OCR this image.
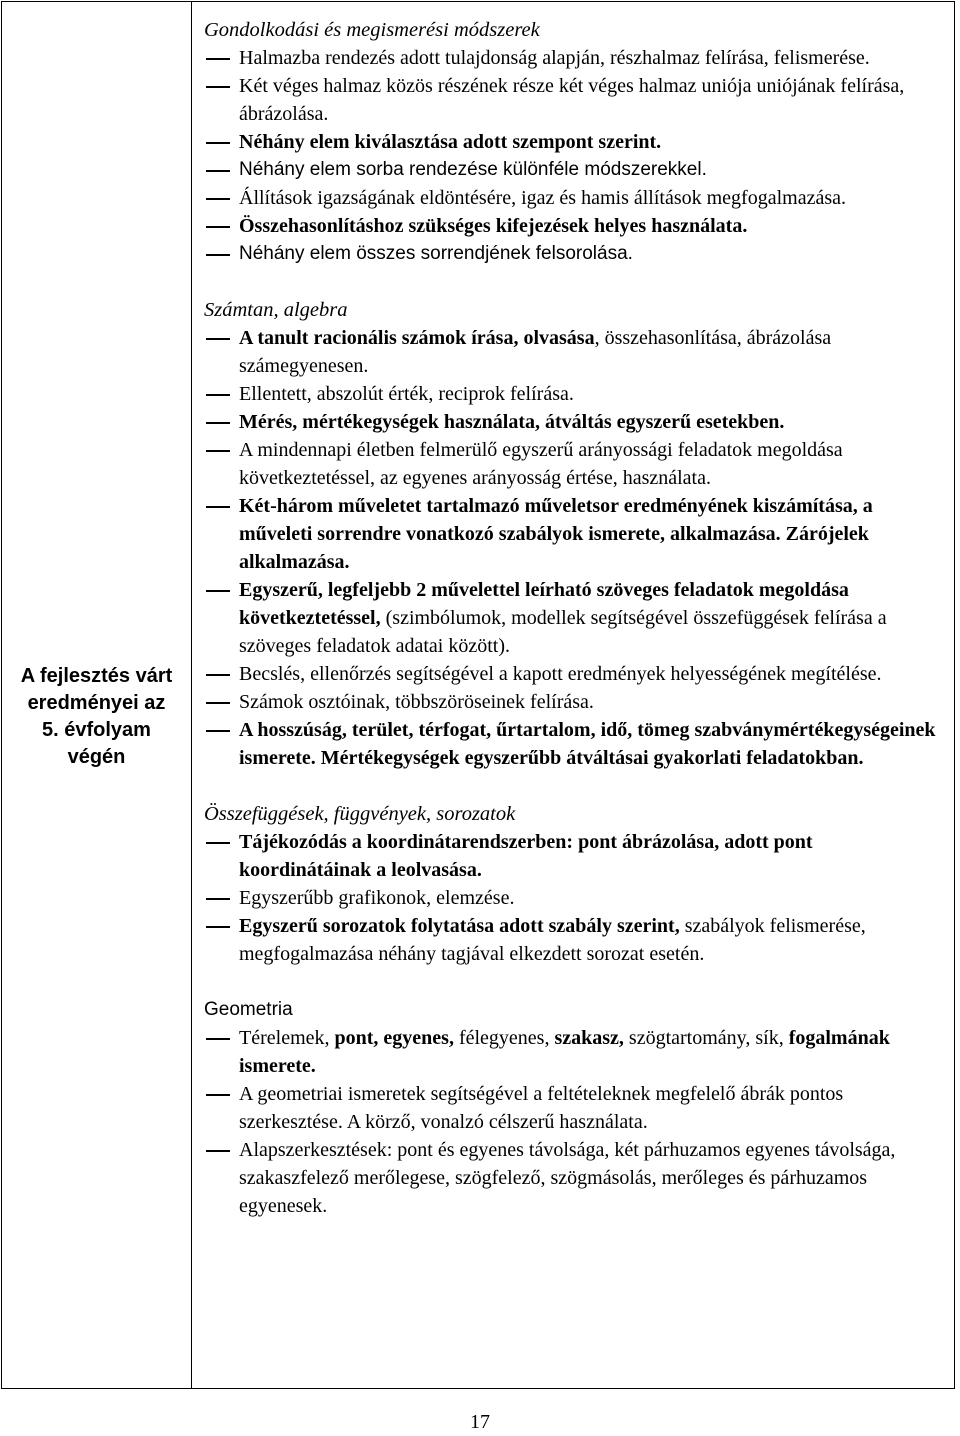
A fejlesztés várt
eredményei az
5. évfolyam
végén
Gondolkodási és megismerési módszerek
Halmazba rendezés adott tulajdonság alapján, részhalmaz felírása, felismerése.
Két véges halmaz közös részének része két véges halmaz uniója uniójának felírása, ábrázolása.
Néhány elem kiválasztása adott szempont szerint.
Néhány elem sorba rendezése különféle módszerekkel.
Állítások igazságának eldöntésére, igaz és hamis állítások megfogalmazása.
Összehasonlításhoz szükséges kifejezések helyes használata.
Néhány elem összes sorrendjének felsorolása.
Számtan, algebra
A tanult racionális számok írása, olvasása, összehasonlítása, ábrázolása számegyenesen.
Ellentett, abszolút érték, reciprok felírása.
Mérés, mértékegységek használata, átváltás egyszerű esetekben.
A mindennapi életben felmerülő egyszerű arányossági feladatok megoldása következtetéssel, az egyenes arányosság értése, használata.
Két-három műveletet tartalmazó műveletsor eredményének kiszámítása, a műveleti sorrendre vonatkozó szabályok ismerete, alkalmazása. Zárójelek alkalmazása.
Egyszerű, legfeljebb 2 művelettel leírható szöveges feladatok megoldása következtetéssel, (szimbólumok, modellek segítségével összefüggések felírása a szöveges feladatok adatai között).
Becslés, ellenőrzés segítségével a kapott eredmények helyességének megítélése.
Számok osztóinak, többszöröseinek felírása.
A hosszúság, terület, térfogat, űrtartalom, idő, tömeg szabványmértékegységeinek ismerete. Mértékegységek egyszerűbb átváltásai gyakorlati feladatokban.
Összefüggések, függvények, sorozatok
Tájékozódás a koordinátarendszerben: pont ábrázolása, adott pont koordinátáinak a leolvasása.
Egyszerűbb grafikonok, elemzése.
Egyszerű sorozatok folytatása adott szabály szerint, szabályok felismerése, megfogalmazása néhány tagjával elkezdett sorozat esetén.
Geometria
Térelemek, pont, egyenes, félegyenes, szakasz, szögtartomány, sík, fogalmának ismerete.
A geometriai ismeretek segítségével a feltételeknek megfelelő ábrák pontos szerkesztése. A körző, vonalzó célszerű használata.
Alapszerkesztések: pont és egyenes távolsága, két párhuzamos egyenes távolsága, szakaszfelező merőlegese, szögfelező, szögmásolás, merőleges és párhuzamos egyenesek.
17
